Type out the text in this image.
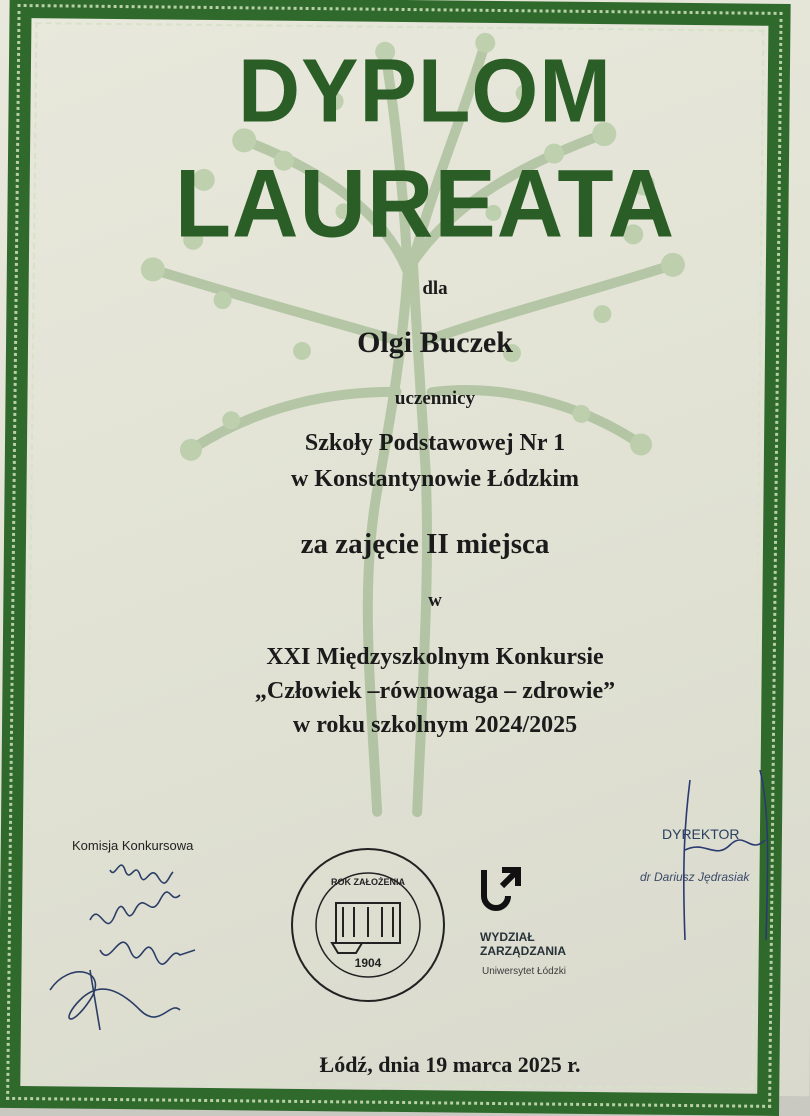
DYPLOM
LAUREATA
dla
Olgi Buczek
uczennicy
Szkoły Podstawowej Nr 1
w Konstantynowie Łódzkim
za zajęcie II miejsca
w
XXI Międzyszkolnym Konkursie
„Człowiek –równowaga – zdrowie”
w roku szkolnym 2024/2025
Komisja Konkursowa
ROK ZAŁOŻENIA
1904
WYDZIAŁ
ZARZĄDZANIA
Uniwersytet Łódzki
DYREKTOR
dr Dariusz Jędrasiak
Łódź, dnia 19 marca 2025 r.
